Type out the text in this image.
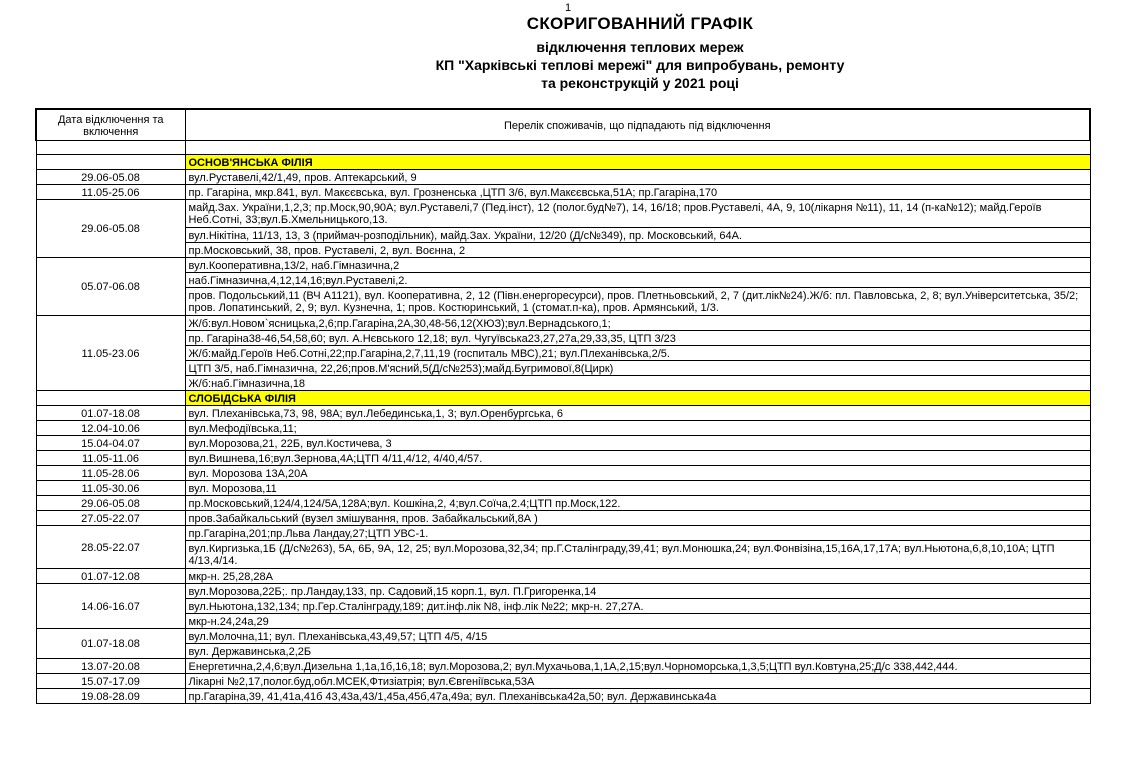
1
СКОРИГОВАННИЙ ГРАФІК
відключення теплових мереж
КП "Харківські теплові мережі" для випробувань, ремонту
та реконструкцій у 2021 році
Дата відключення та включення	Перелік споживачів, що підпадають під відключення

	ОСНОВ'ЯНСЬКА ФІЛІЯ
29.06-05.08	вул.Руставелі,42/1,49, пров. Аптекарський, 9
11.05-25.06	пр. Гагаріна, мкр.841, вул. Макєєвська, вул. Грозненська ,ЦТП 3/6, вул.Макєєвська,51А; пр.Гагаріна,170
29.06-05.08	майд.Зах. України,1,2,3; пр.Моск,90,90А; вул.Руставелі,7 (Пед.інст), 12 (полог.буд№7), 14, 16/18; пров.Руставелі, 4А, 9, 10(лікарня №11), 11, 14 (п-ка№12); майд.Героїв Неб.Сотні, 33;вул.Б.Хмельницького,13.
	вул.Нікітіна, 11/13, 13, 3 (приймач-розподільник), майд.Зах. України, 12/20 (Д/с№349), пр. Московський, 64А.
	пр.Московський, 38, пров. Руставелі, 2, вул. Воєнна, 2
05.07-06.08	вул.Кооперативна,13/2, наб.Гімназична,2
	наб.Гімназична,4,12,14,16;вул.Руставелі,2.
	пров. Подольський,11 (ВЧ А1121), вул. Кооперативна, 2, 12 (Півн.енергоресурси), пров. Плетньовський, 2, 7 (дит.лік№24).Ж/б: пл. Павловська, 2, 8; вул.Університетська, 35/2; пров. Лопатинський, 2, 9; вул. Кузнечна, 1; пров. Костюринський, 1 (стомат.п-ка), пров. Армянський, 1/3.
11.05-23.06	Ж/б:вул.Новом`ясницька,2,6;пр.Гагаріна,2А,30,48-56,12(ХЮЗ);вул.Вернадського,1;
	пр. Гагаріна38-46,54,58,60; вул. А.Нєвського 12,18; вул. Чугуївська23,27,27а,29,33,35, ЦТП 3/23
	Ж/б:майд.Героїв Неб.Сотні,22;пр.Гагаріна,2,7,11,19 (госпиталь МВС),21; вул.Плеханівська,2/5.
	ЦТП 3/5, наб.Гімназична, 22,26;пров.М'ясний,5(Д/с№253);майд.Бугримової,8(Цирк)
	Ж/б:наб.Гімназична,18
	СЛОБІДСЬКА ФІЛІЯ
01.07-18.08	вул. Плеханівська,73, 98, 98А; вул.Лебединська,1, 3; вул.Оренбургська, 6
12.04-10.06	вул.Мефодіївська,11;
15.04-04.07	вул.Морозова,21, 22Б, вул.Костичева, 3
11.05-11.06	вул.Вишнева,16;вул.Зернова,4А;ЦТП 4/11,4/12, 4/40,4/57.
11.05-28.06	вул. Морозова 13А,20А
11.05-30.06	вул. Морозова,11
29.06-05.08	пр.Московський,124/4,124/5А,128А;вул. Кошкіна,2, 4;вул.Соїча,2.4;ЦТП пр.Моск,122.
27.05-22.07	пров.Забайкальський (вузел змішування, пров. Забайкальський,8А )
28.05-22.07	пр.Гагаріна,201;пр.Льва Ландау,27;ЦТП УВС-1.
	вул.Киргизька,1Б (Д/с№263), 5А, 6Б, 9А, 12, 25; вул.Морозова,32,34; пр.Г.Сталінграду,39,41; вул.Монюшка,24; вул.Фонвізіна,15,16А,17,17А; вул.Ньютона,6,8,10,10А; ЦТП 4/13,4/14.
01.07-12.08	мкр-н. 25,28,28А
14.06-16.07	вул.Морозова,22Б;. пр.Ландау,133, пр. Садовий,15 корп.1, вул. П.Григоренка,14
	вул.Ньютона,132,134; пр.Гер.Сталінграду,189; дит.інф.лік N8, інф.лік №22; мкр-н. 27,27А.
	мкр-н.24,24а,29
01.07-18.08	вул.Молочна,11; вул. Плеханівська,43,49,57; ЦТП 4/5, 4/15
	вул. Державинська,2,2Б
13.07-20.08	Енергетична,2,4,6;вул.Дизельна 1,1а,1б,16,18; вул.Морозова,2; вул.Мухачьова,1,1А,2,15;вул.Чорноморська,1,3,5;ЦТП вул.Ковтуна,25;Д/с 338,442,444.
15.07-17.09	Лікарні №2,17,полог.буд,обл.МСЕК,Фтизіатрія; вул.Євгеніївська,53А
19.08-28.09	пр.Гагаріна,39, 41,41а,41б 43,43а,43/1,45а,45б,47а,49а; вул. Плеханівська42а,50; вул. Державинська4а
